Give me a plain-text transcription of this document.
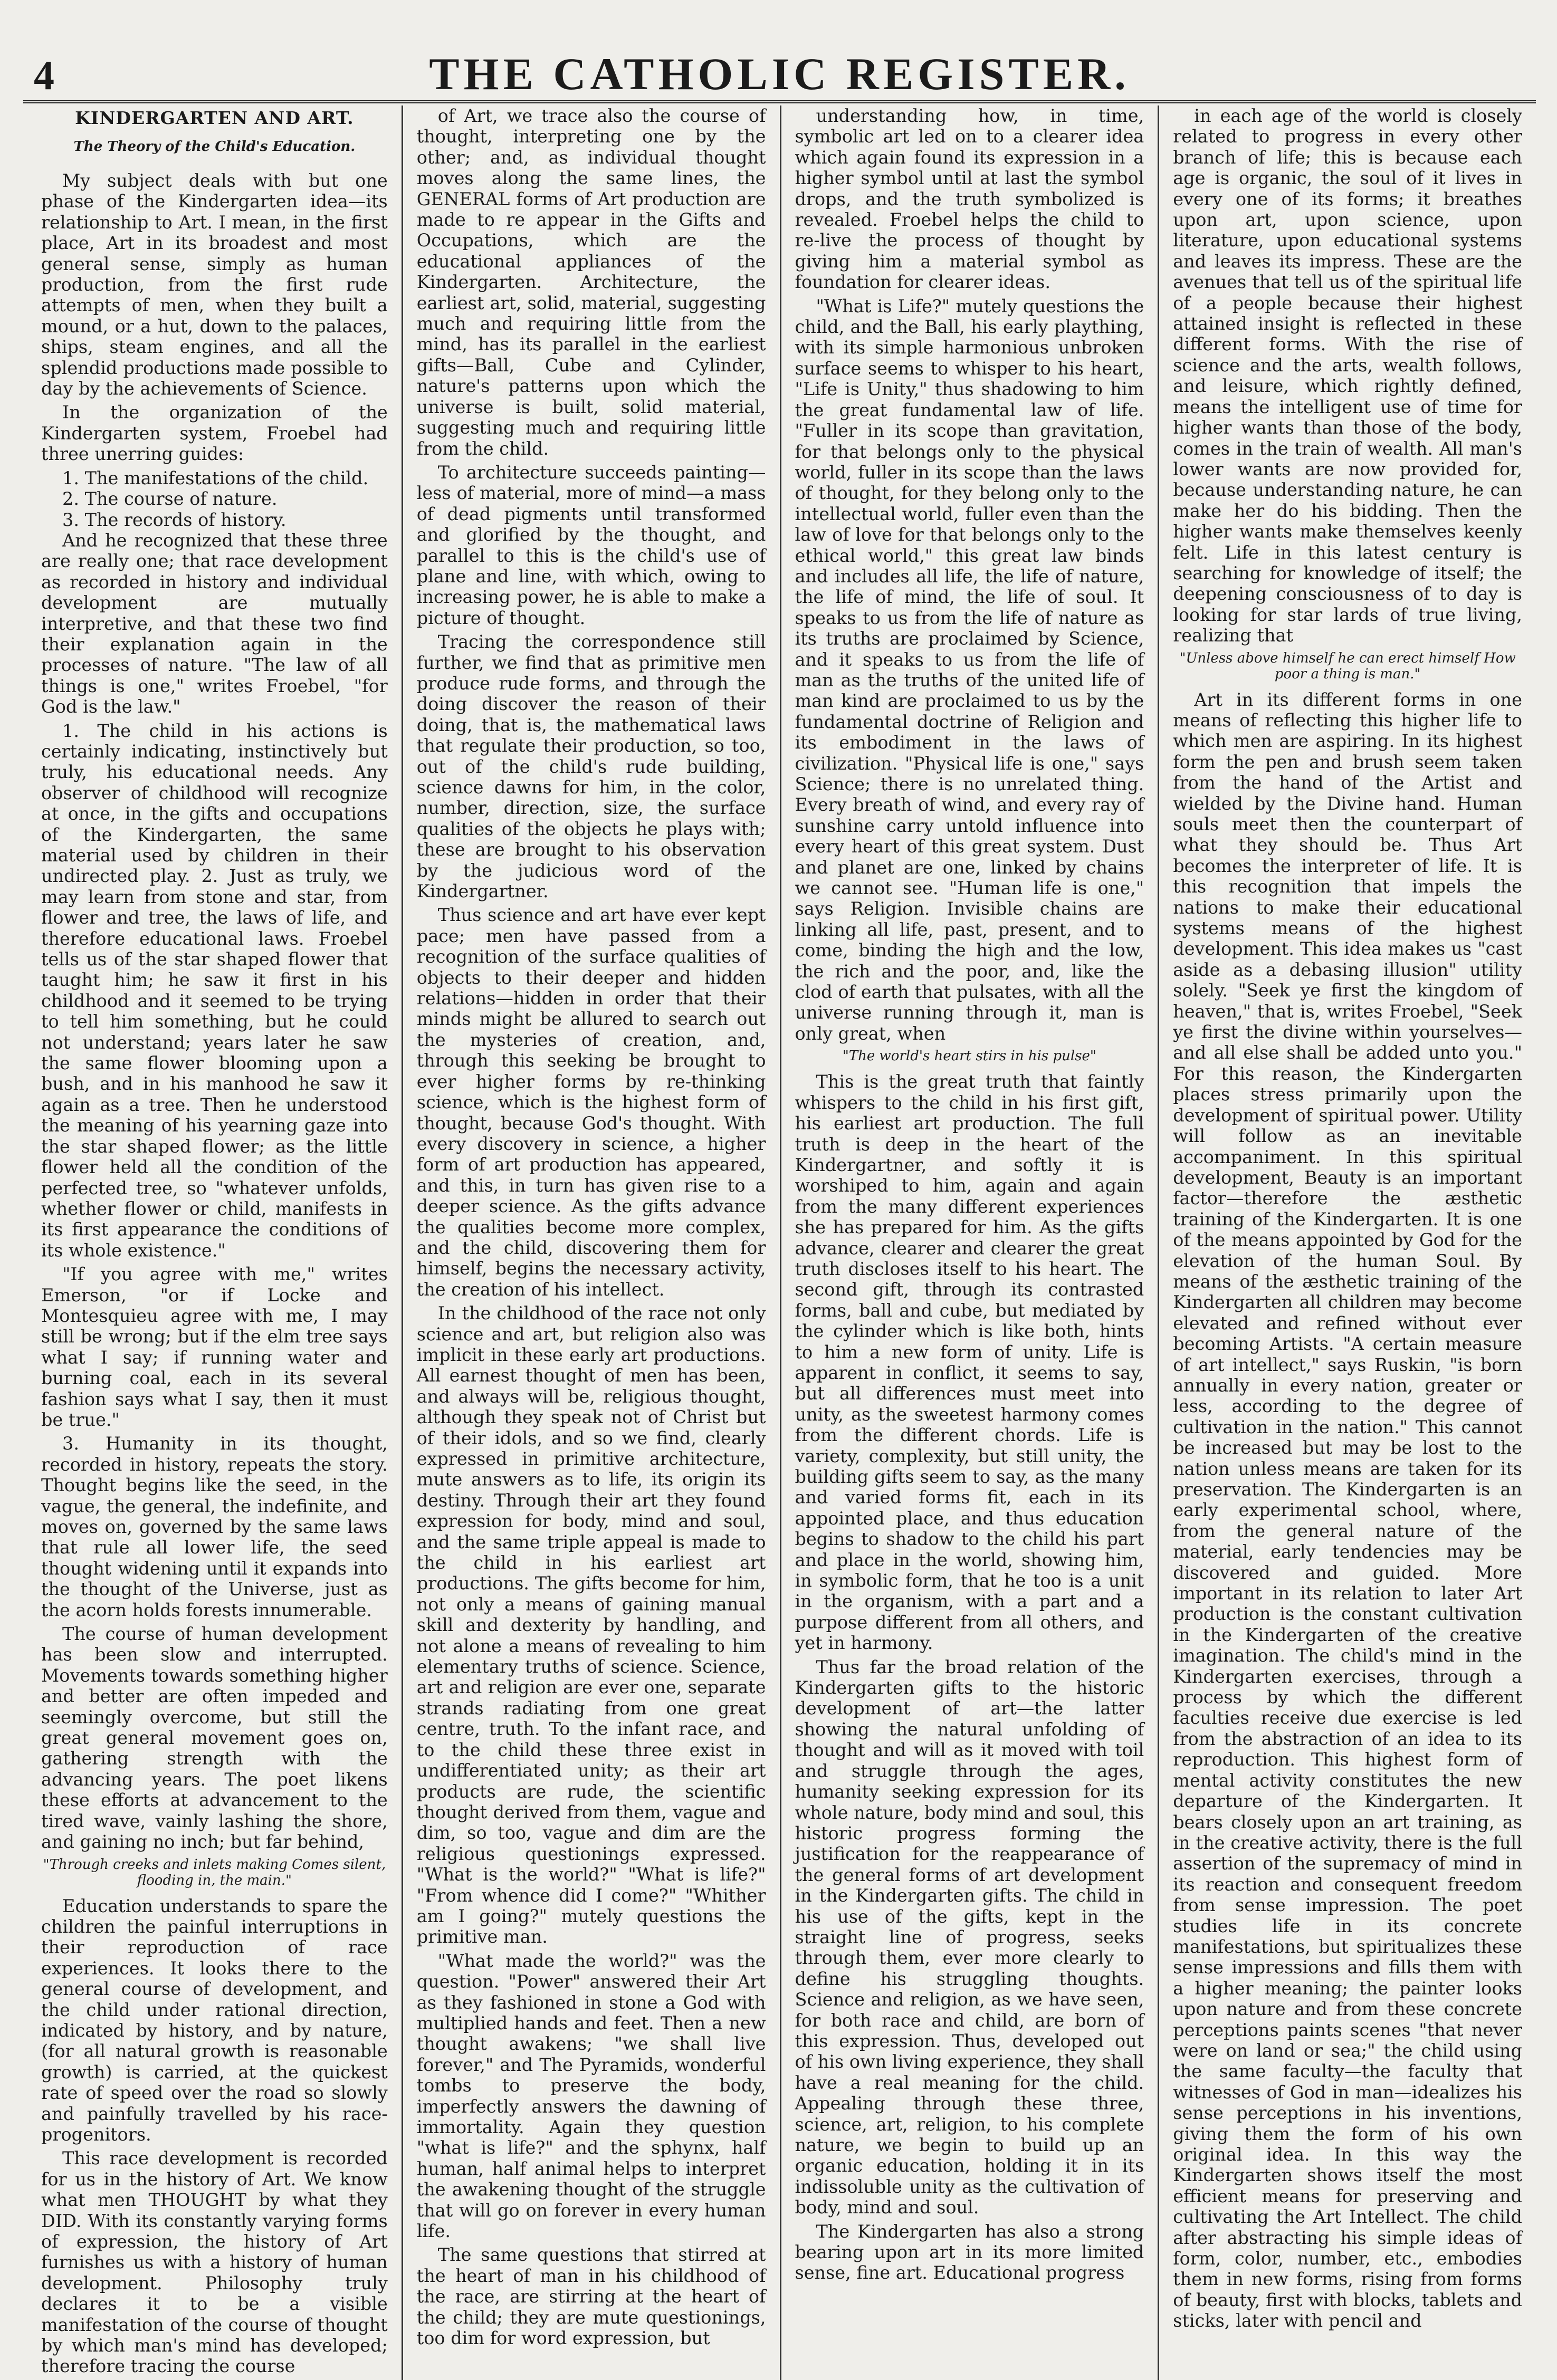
4	THE CATHOLIC REGISTER.
KINDERGARTEN AND ART.
The Theory of the Child's Education.

My subject deals with but one phase of the Kindergarten idea—its relationship to Art. I mean, in the first place, Art in its broadest and most general sense, simply as human production, from the first rude attempts of men, when they built a mound, or a hut, down to the palaces, ships, steam engines, and all the splendid productions made possible to day by the achievements of Science.

In the organization of the Kindergarten system, Froebel had three unerring guides:

1. The manifestations of the child.

2. The course of nature.

3. The records of history.

And he recognized that these three are really one; that race development as recorded in history and individual development are mutually interpretive, and that these two find their explanation again in the processes of nature. "The law of all things is one," writes Froebel, "for God is the law."

1. The child in his actions is certainly indicating, instinctively but truly, his educational needs. Any observer of childhood will recognize at once, in the gifts and occupations of the Kindergarten, the same material used by children in their undirected play. 2. Just as truly, we may learn from stone and star, from flower and tree, the laws of life, and therefore educational laws. Froebel tells us of the star shaped flower that taught him; he saw it first in his childhood and it seemed to be trying to tell him something, but he could not understand; years later he saw the same flower blooming upon a bush, and in his manhood he saw it again as a tree. Then he understood the meaning of his yearning gaze into the star shaped flower; as the little flower held all the condition of the perfected tree, so "whatever unfolds, whether flower or child, manifests in its first appearance the conditions of its whole existence."

"If you agree with me," writes Emerson, "or if Locke and Montesquieu agree with me, I may still be wrong; but if the elm tree says what I say; if running water and burning coal, each in its several fashion says what I say, then it must be true."

3. Humanity in its thought, recorded in history, repeats the story. Thought begins like the seed, in the vague, the general, the indefinite, and moves on, governed by the same laws that rule all lower life, the seed thought widening until it expands into the thought of the Universe, just as the acorn holds forests innumerable.

The course of human development has been slow and interrupted. Movements towards something higher and better are often impeded and seemingly overcome, but still the great general movement goes on, gathering strength with the advancing years. The poet likens these efforts at advancement to the tired wave, vainly lashing the shore, and gaining no inch; but far behind,

"Through creeks and inlets making Comes silent, flooding in, the main."

Education understands to spare the children the painful interruptions in their reproduction of race experiences. It looks there to the general course of development, and the child under rational direction, indicated by history, and by nature, (for all natural growth is reasonable growth) is carried, at the quickest rate of speed over the road so slowly and painfully travelled by his race-progenitors.

This race development is recorded for us in the history of Art. We know what men THOUGHT by what they DID. With its constantly varying forms of expression, the history of Art furnishes us with a history of human development. Philosophy truly declares it to be a visible manifestation of the course of thought by which man's mind has developed; therefore tracing the course

of Art, we trace also the course of thought, interpreting one by the other; and, as individual thought moves along the same lines, the GENERAL forms of Art production are made to re appear in the Gifts and Occupations, which are the educational appliances of the Kindergarten. Architecture, the earliest art, solid, material, suggesting much and requiring little from the mind, has its parallel in the earliest gifts—Ball, Cube and Cylinder, nature's patterns upon which the universe is built, solid material, suggesting much and requiring little from the child.

To architecture succeeds painting—less of material, more of mind—a mass of dead pigments until transformed and glorified by the thought, and parallel to this is the child's use of plane and line, with which, owing to increasing power, he is able to make a picture of thought.

Tracing the correspondence still further, we find that as primitive men produce rude forms, and through the doing discover the reason of their doing, that is, the mathematical laws that regulate their production, so too, out of the child's rude building, science dawns for him, in the color, number, direction, size, the surface qualities of the objects he plays with; these are brought to his observation by the judicious word of the Kindergartner.

Thus science and art have ever kept pace; men have passed from a recognition of the surface qualities of objects to their deeper and hidden relations—hidden in order that their minds might be allured to search out the mysteries of creation, and, through this seeking be brought to ever higher forms by re-thinking science, which is the highest form of thought, because God's thought. With every discovery in science, a higher form of art production has appeared, and this, in turn has given rise to a deeper science. As the gifts advance the qualities become more complex, and the child, discovering them for himself, begins the necessary activity, the creation of his intellect.

In the childhood of the race not only science and art, but religion also was implicit in these early art productions. All earnest thought of men has been, and always will be, religious thought, although they speak not of Christ but of their idols, and so we find, clearly expressed in primitive architecture, mute answers as to life, its origin its destiny. Through their art they found expression for body, mind and soul, and the same triple appeal is made to the child in his earliest art productions. The gifts become for him, not only a means of gaining manual skill and dexterity by handling, and not alone a means of revealing to him elementary truths of science. Science, art and religion are ever one, separate strands radiating from one great centre, truth. To the infant race, and to the child these three exist in undifferentiated unity; as their art products are rude, the scientific thought derived from them, vague and dim, so too, vague and dim are the religious questionings expressed. "What is the world?" "What is life?" "From whence did I come?" "Whither am I going?" mutely questions the primitive man.

"What made the world?" was the question. "Power" answered their Art as they fashioned in stone a God with multiplied hands and feet. Then a new thought awakens; "we shall live forever," and The Pyramids, wonderful tombs to preserve the body, imperfectly answers the dawning of immortality. Again they question "what is life?" and the sphynx, half human, half animal helps to interpret the awakening thought of the struggle that will go on forever in every human life.

The same questions that stirred at the heart of man in his childhood of the race, are stirring at the heart of the child; they are mute questionings, too dim for word expression, but

understanding how, in time, symbolic art led on to a clearer idea which again found its expression in a higher symbol until at last the symbol drops, and the truth symbolized is revealed. Froebel helps the child to re-live the process of thought by giving him a material symbol as foundation for clearer ideas.

"What is Life?" mutely questions the child, and the Ball, his early plaything, with its simple harmonious unbroken surface seems to whisper to his heart, "Life is Unity," thus shadowing to him the great fundamental law of life. "Fuller in its scope than gravitation, for that belongs only to the physical world, fuller in its scope than the laws of thought, for they belong only to the intellectual world, fuller even than the law of love for that belongs only to the ethical world," this great law binds and includes all life, the life of nature, the life of mind, the life of soul. It speaks to us from the life of nature as its truths are proclaimed by Science, and it speaks to us from the life of man as the truths of the united life of man kind are proclaimed to us by the fundamental doctrine of Religion and its embodiment in the laws of civilization. "Physical life is one," says Science; there is no unrelated thing. Every breath of wind, and every ray of sunshine carry untold influence into every heart of this great system. Dust and planet are one, linked by chains we cannot see. "Human life is one," says Religion. Invisible chains are linking all life, past, present, and to come, binding the high and the low, the rich and the poor, and, like the clod of earth that pulsates, with all the universe running through it, man is only great, when

"The world's heart stirs in his pulse"

This is the great truth that faintly whispers to the child in his first gift, his earliest art production. The full truth is deep in the heart of the Kindergartner, and softly it is worshiped to him, again and again from the many different experiences she has prepared for him. As the gifts advance, clearer and clearer the great truth discloses itself to his heart. The second gift, through its contrasted forms, ball and cube, but mediated by the cylinder which is like both, hints to him a new form of unity. Life is apparent in conflict, it seems to say, but all differences must meet into unity, as the sweetest harmony comes from the different chords. Life is variety, complexity, but still unity, the building gifts seem to say, as the many and varied forms fit, each in its appointed place, and thus education begins to shadow to the child his part and place in the world, showing him, in symbolic form, that he too is a unit in the organism, with a part and a purpose different from all others, and yet in harmony.

Thus far the broad relation of the Kindergarten gifts to the historic development of art—the latter showing the natural unfolding of thought and will as it moved with toil and struggle through the ages, humanity seeking expression for its whole nature, body mind and soul, this historic progress forming the justification for the reappearance of the general forms of art development in the Kindergarten gifts. The child in his use of the gifts, kept in the straight line of progress, seeks through them, ever more clearly to define his struggling thoughts. Science and religion, as we have seen, for both race and child, are born of this expression. Thus, developed out of his own living experience, they shall have a real meaning for the child. Appealing through these three, science, art, religion, to his complete nature, we begin to build up an organic education, holding it in its indissoluble unity as the cultivation of body, mind and soul.

The Kindergarten has also a strong bearing upon art in its more limited sense, fine art. Educational progress

in each age of the world is closely related to progress in every other branch of life; this is because each age is organic, the soul of it lives in every one of its forms; it breathes upon art, upon science, upon literature, upon educational systems and leaves its impress. These are the avenues that tell us of the spiritual life of a people because their highest attained insight is reflected in these different forms. With the rise of science and the arts, wealth follows, and leisure, which rightly defined, means the intelligent use of time for higher wants than those of the body, comes in the train of wealth. All man's lower wants are now provided for, because understanding nature, he can make her do his bidding. Then the higher wants make themselves keenly felt. Life in this latest century is searching for knowledge of itself; the deepening consciousness of to day is looking for star lards of true living, realizing that

"Unless above himself he can erect himself How poor a thing is man."

Art in its different forms in one means of reflecting this higher life to which men are aspiring. In its highest form the pen and brush seem taken from the hand of the Artist and wielded by the Divine hand. Human souls meet then the counterpart of what they should be. Thus Art becomes the interpreter of life. It is this recognition that impels the nations to make their educational systems means of the highest development. This idea makes us "cast aside as a debasing illusion" utility solely. "Seek ye first the kingdom of heaven," that is, writes Froebel, "Seek ye first the divine within yourselves—and all else shall be added unto you." For this reason, the Kindergarten places stress primarily upon the development of spiritual power. Utility will follow as an inevitable accompaniment. In this spiritual development, Beauty is an important factor—therefore the æsthetic training of the Kindergarten. It is one of the means appointed by God for the elevation of the human Soul. By means of the æsthetic training of the Kindergarten all children may become elevated and refined without ever becoming Artists. "A certain measure of art intellect," says Ruskin, "is born annually in every nation, greater or less, according to the degree of cultivation in the nation." This cannot be increased but may be lost to the nation unless means are taken for its preservation. The Kindergarten is an early experimental school, where, from the general nature of the material, early tendencies may be discovered and guided. More important in its relation to later Art production is the constant cultivation in the Kindergarten of the creative imagination. The child's mind in the Kindergarten exercises, through a process by which the different faculties receive due exercise is led from the abstraction of an idea to its reproduction. This highest form of mental activity constitutes the new departure of the Kindergarten. It bears closely upon an art training, as in the creative activity, there is the full assertion of the supremacy of mind in its reaction and consequent freedom from sense impression. The poet studies life in its concrete manifestations, but spiritualizes these sense impressions and fills them with a higher meaning; the painter looks upon nature and from these concrete perceptions paints scenes "that never were on land or sea;" the child using the same faculty—the faculty that witnesses of God in man—idealizes his sense perceptions in his inventions, giving them the form of his own original idea. In this way the Kindergarten shows itself the most efficient means for preserving and cultivating the Art Intellect. The child after abstracting his simple ideas of form, color, number, etc., embodies them in new forms, rising from forms of beauty, first with blocks, tablets and sticks, later with pencil and
